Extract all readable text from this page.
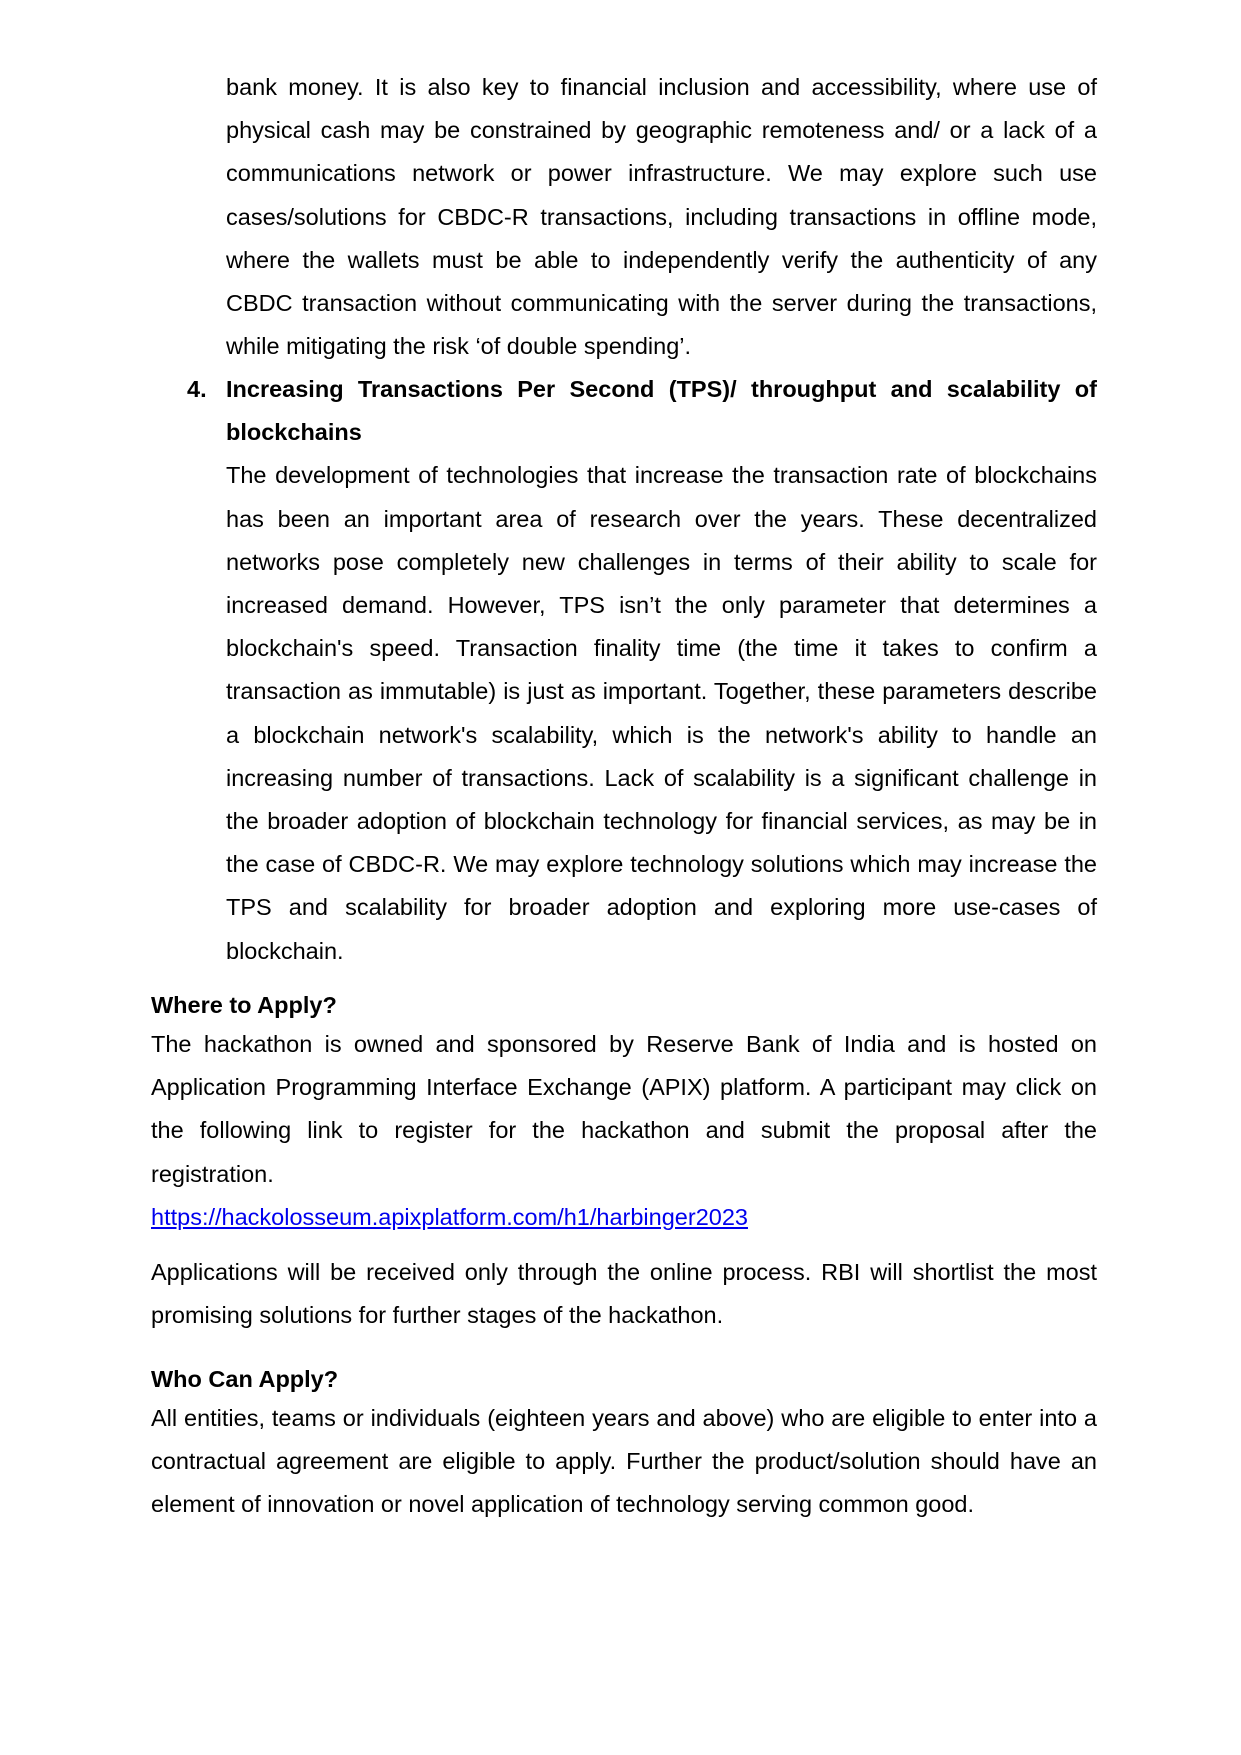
bank money. It is also key to financial inclusion and accessibility, where use of physical cash may be constrained by geographic remoteness and/ or a lack of a communications network or power infrastructure. We may explore such use cases/solutions for CBDC-R transactions, including transactions in offline mode, where the wallets must be able to independently verify the authenticity of any CBDC transaction without communicating with the server during the transactions, while mitigating the risk ‘of double spending’.

4. Increasing Transactions Per Second (TPS)/ throughput and scalability of blockchains
The development of technologies that increase the transaction rate of blockchains has been an important area of research over the years. These decentralized networks pose completely new challenges in terms of their ability to scale for increased demand. However, TPS isn’t the only parameter that determines a blockchain's speed. Transaction finality time (the time it takes to confirm a transaction as immutable) is just as important. Together, these parameters describe a blockchain network's scalability, which is the network's ability to handle an increasing number of transactions. Lack of scalability is a significant challenge in the broader adoption of blockchain technology for financial services, as may be in the case of CBDC-R. We may explore technology solutions which may increase the TPS and scalability for broader adoption and exploring more use-cases of blockchain.
Where to Apply?

The hackathon is owned and sponsored by Reserve Bank of India and is hosted on Application Programming Interface Exchange (APIX) platform. A participant may click on the following link to register for the hackathon and submit the proposal after the registration.

https://hackolosseum.apixplatform.com/h1/harbinger2023

Applications will be received only through the online process. RBI will shortlist the most promising solutions for further stages of the hackathon.

Who Can Apply?

All entities, teams or individuals (eighteen years and above) who are eligible to enter into a contractual agreement are eligible to apply. Further the product/solution should have an element of innovation or novel application of technology serving common good.
